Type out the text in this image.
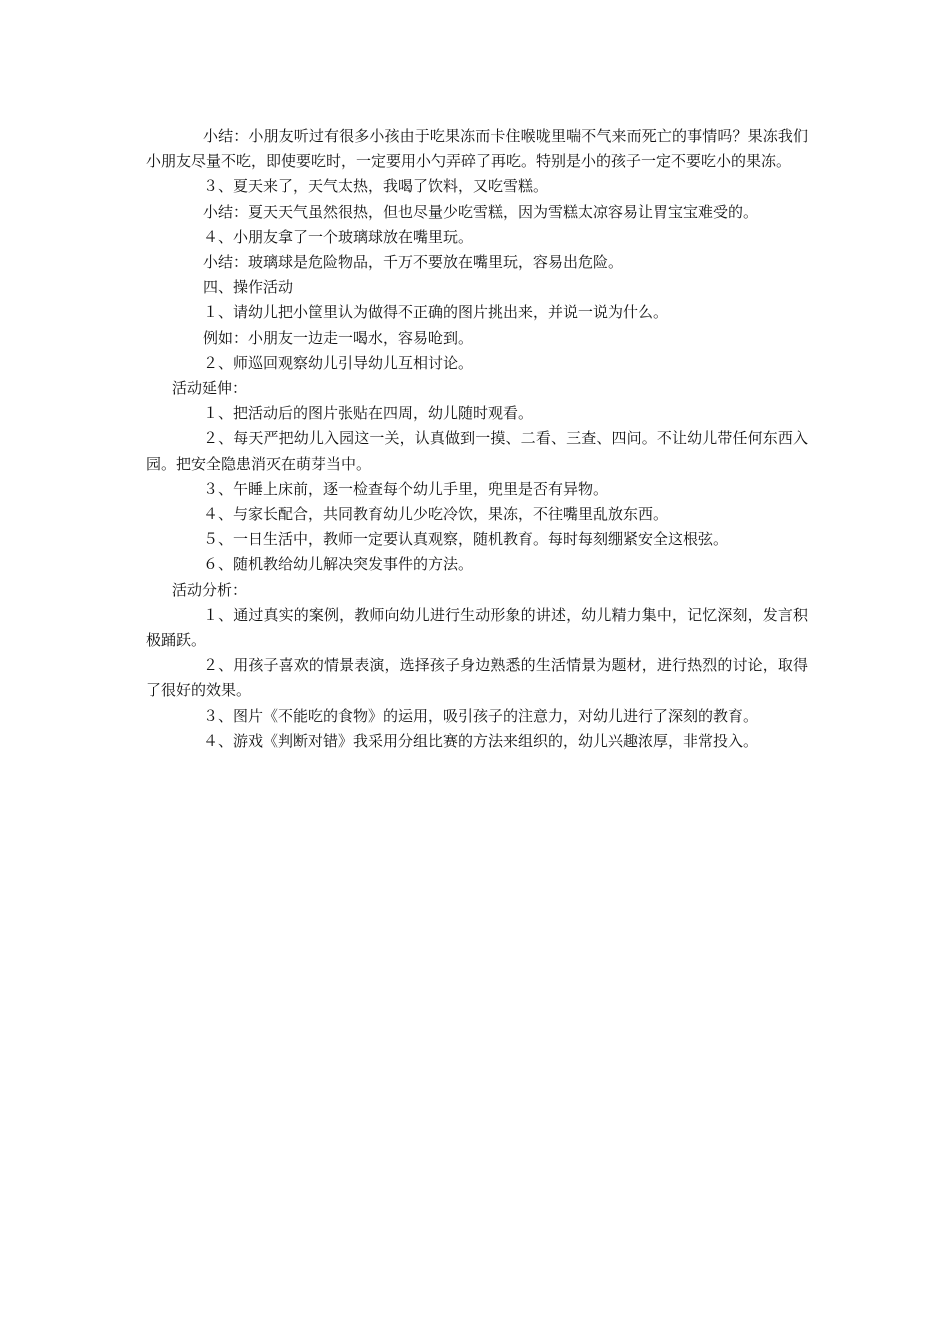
小结：小朋友听过有很多小孩由于吃果冻而卡住喉咙里喘不气来而死亡的事情吗？果冻我们小朋友尽量不吃，即使要吃时，一定要用小勺弄碎了再吃。特别是小的孩子一定不要吃小的果冻。

３、夏天来了，天气太热，我喝了饮料，又吃雪糕。

小结：夏天天气虽然很热，但也尽量少吃雪糕，因为雪糕太凉容易让胃宝宝难受的。

４、小朋友拿了一个玻璃球放在嘴里玩。

小结：玻璃球是危险物品，千万不要放在嘴里玩，容易出危险。

四、操作活动

１、请幼儿把小筐里认为做得不正确的图片挑出来，并说一说为什么。

例如：小朋友一边走一喝水，容易呛到。

２、师巡回观察幼儿引导幼儿互相讨论。

活动延伸：

１、把活动后的图片张贴在四周，幼儿随时观看。

２、每天严把幼儿入园这一关，认真做到一摸、二看、三查、四问。不让幼儿带任何东西入园。把安全隐患消灭在萌芽当中。

３、午睡上床前，逐一检查每个幼儿手里，兜里是否有异物。

４、与家长配合，共同教育幼儿少吃冷饮，果冻，不往嘴里乱放东西。

５、一日生活中，教师一定要认真观察，随机教育。每时每刻绷紧安全这根弦。

６、随机教给幼儿解决突发事件的方法。

活动分析：

１、通过真实的案例，教师向幼儿进行生动形象的讲述，幼儿精力集中，记忆深刻，发言积极踊跃。

２、用孩子喜欢的情景表演，选择孩子身边熟悉的生活情景为题材，进行热烈的讨论，取得了很好的效果。

３、图片《不能吃的食物》的运用，吸引孩子的注意力，对幼儿进行了深刻的教育。

４、游戏《判断对错》我采用分组比赛的方法来组织的，幼儿兴趣浓厚，非常投入。
